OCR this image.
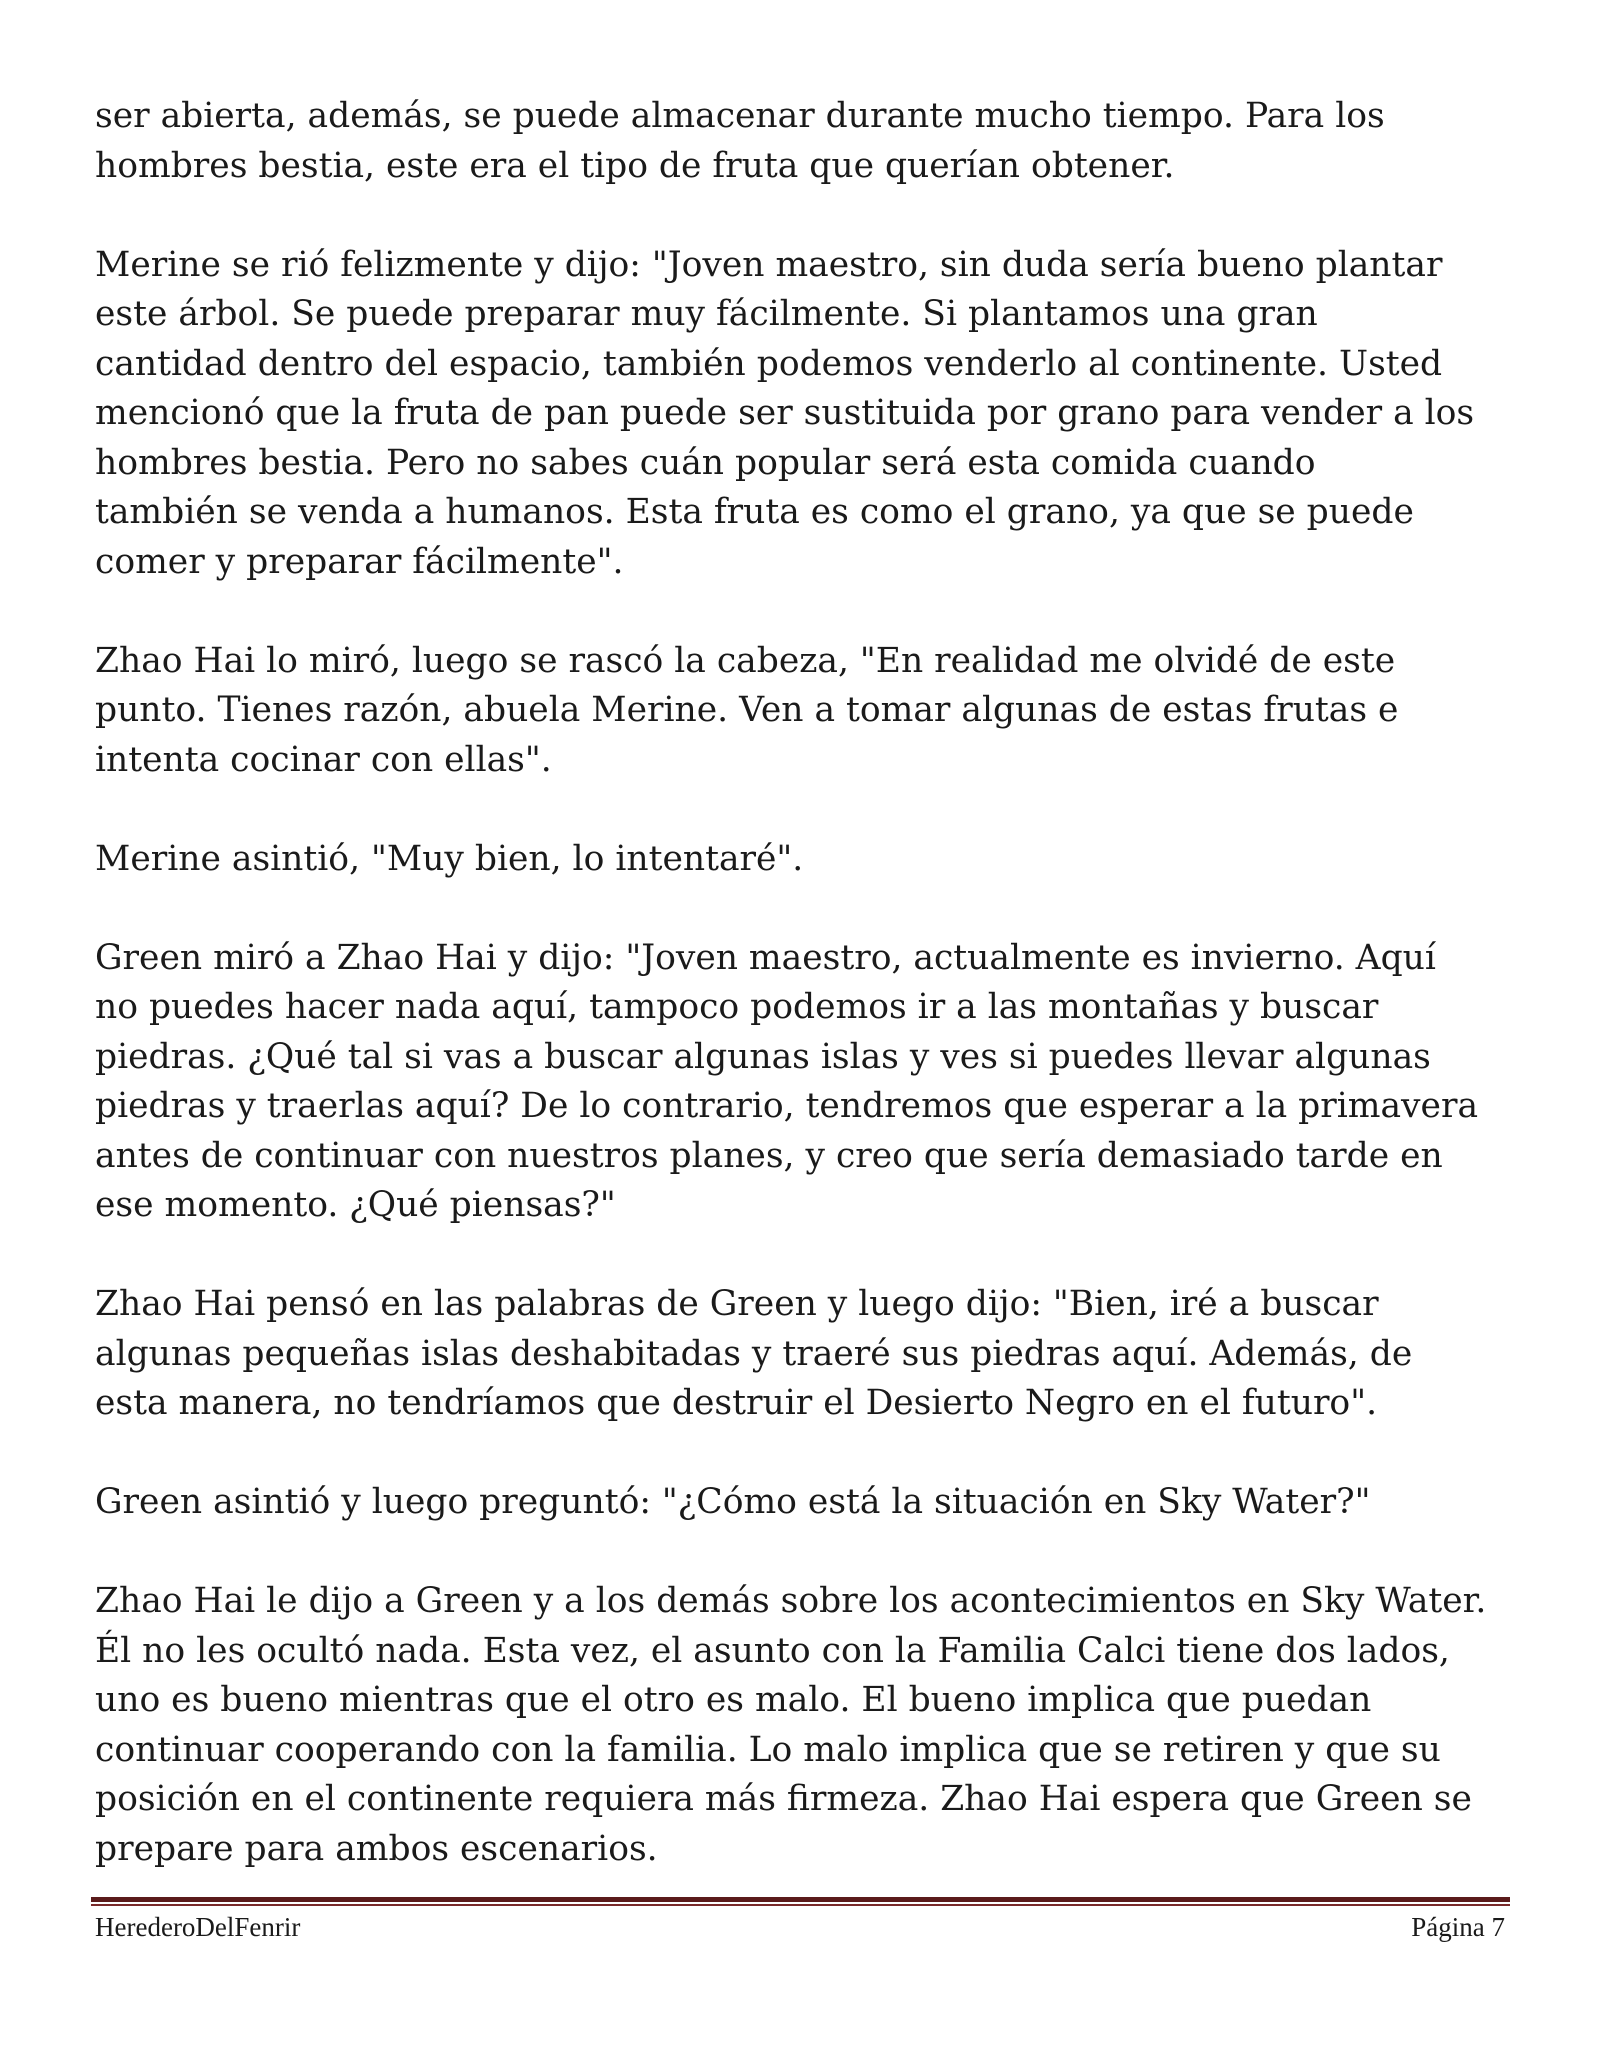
ser abierta, además, se puede almacenar durante mucho tiempo. Para los
hombres bestia, este era el tipo de fruta que querían obtener.

Merine se rió felizmente y dijo: "Joven maestro, sin duda sería bueno plantar
este árbol. Se puede preparar muy fácilmente. Si plantamos una gran
cantidad dentro del espacio, también podemos venderlo al continente. Usted
mencionó que la fruta de pan puede ser sustituida por grano para vender a los
hombres bestia. Pero no sabes cuán popular será esta comida cuando
también se venda a humanos. Esta fruta es como el grano, ya que se puede
comer y preparar fácilmente".

Zhao Hai lo miró, luego se rascó la cabeza, "En realidad me olvidé de este
punto. Tienes razón, abuela Merine. Ven a tomar algunas de estas frutas e
intenta cocinar con ellas".

Merine asintió, "Muy bien, lo intentaré".

Green miró a Zhao Hai y dijo: "Joven maestro, actualmente es invierno. Aquí
no puedes hacer nada aquí, tampoco podemos ir a las montañas y buscar
piedras. ¿Qué tal si vas a buscar algunas islas y ves si puedes llevar algunas
piedras y traerlas aquí? De lo contrario, tendremos que esperar a la primavera
antes de continuar con nuestros planes, y creo que sería demasiado tarde en
ese momento. ¿Qué piensas?"

Zhao Hai pensó en las palabras de Green y luego dijo: "Bien, iré a buscar
algunas pequeñas islas deshabitadas y traeré sus piedras aquí. Además, de
esta manera, no tendríamos que destruir el Desierto Negro en el futuro".

Green asintió y luego preguntó: "¿Cómo está la situación en Sky Water?"

Zhao Hai le dijo a Green y a los demás sobre los acontecimientos en Sky Water.
Él no les ocultó nada. Esta vez, el asunto con la Familia Calci tiene dos lados,
uno es bueno mientras que el otro es malo. El bueno implica que puedan
continuar cooperando con la familia. Lo malo implica que se retiren y que su
posición en el continente requiera más firmeza. Zhao Hai espera que Green se
prepare para ambos escenarios.

HerederoDelFenrir	Página 7
